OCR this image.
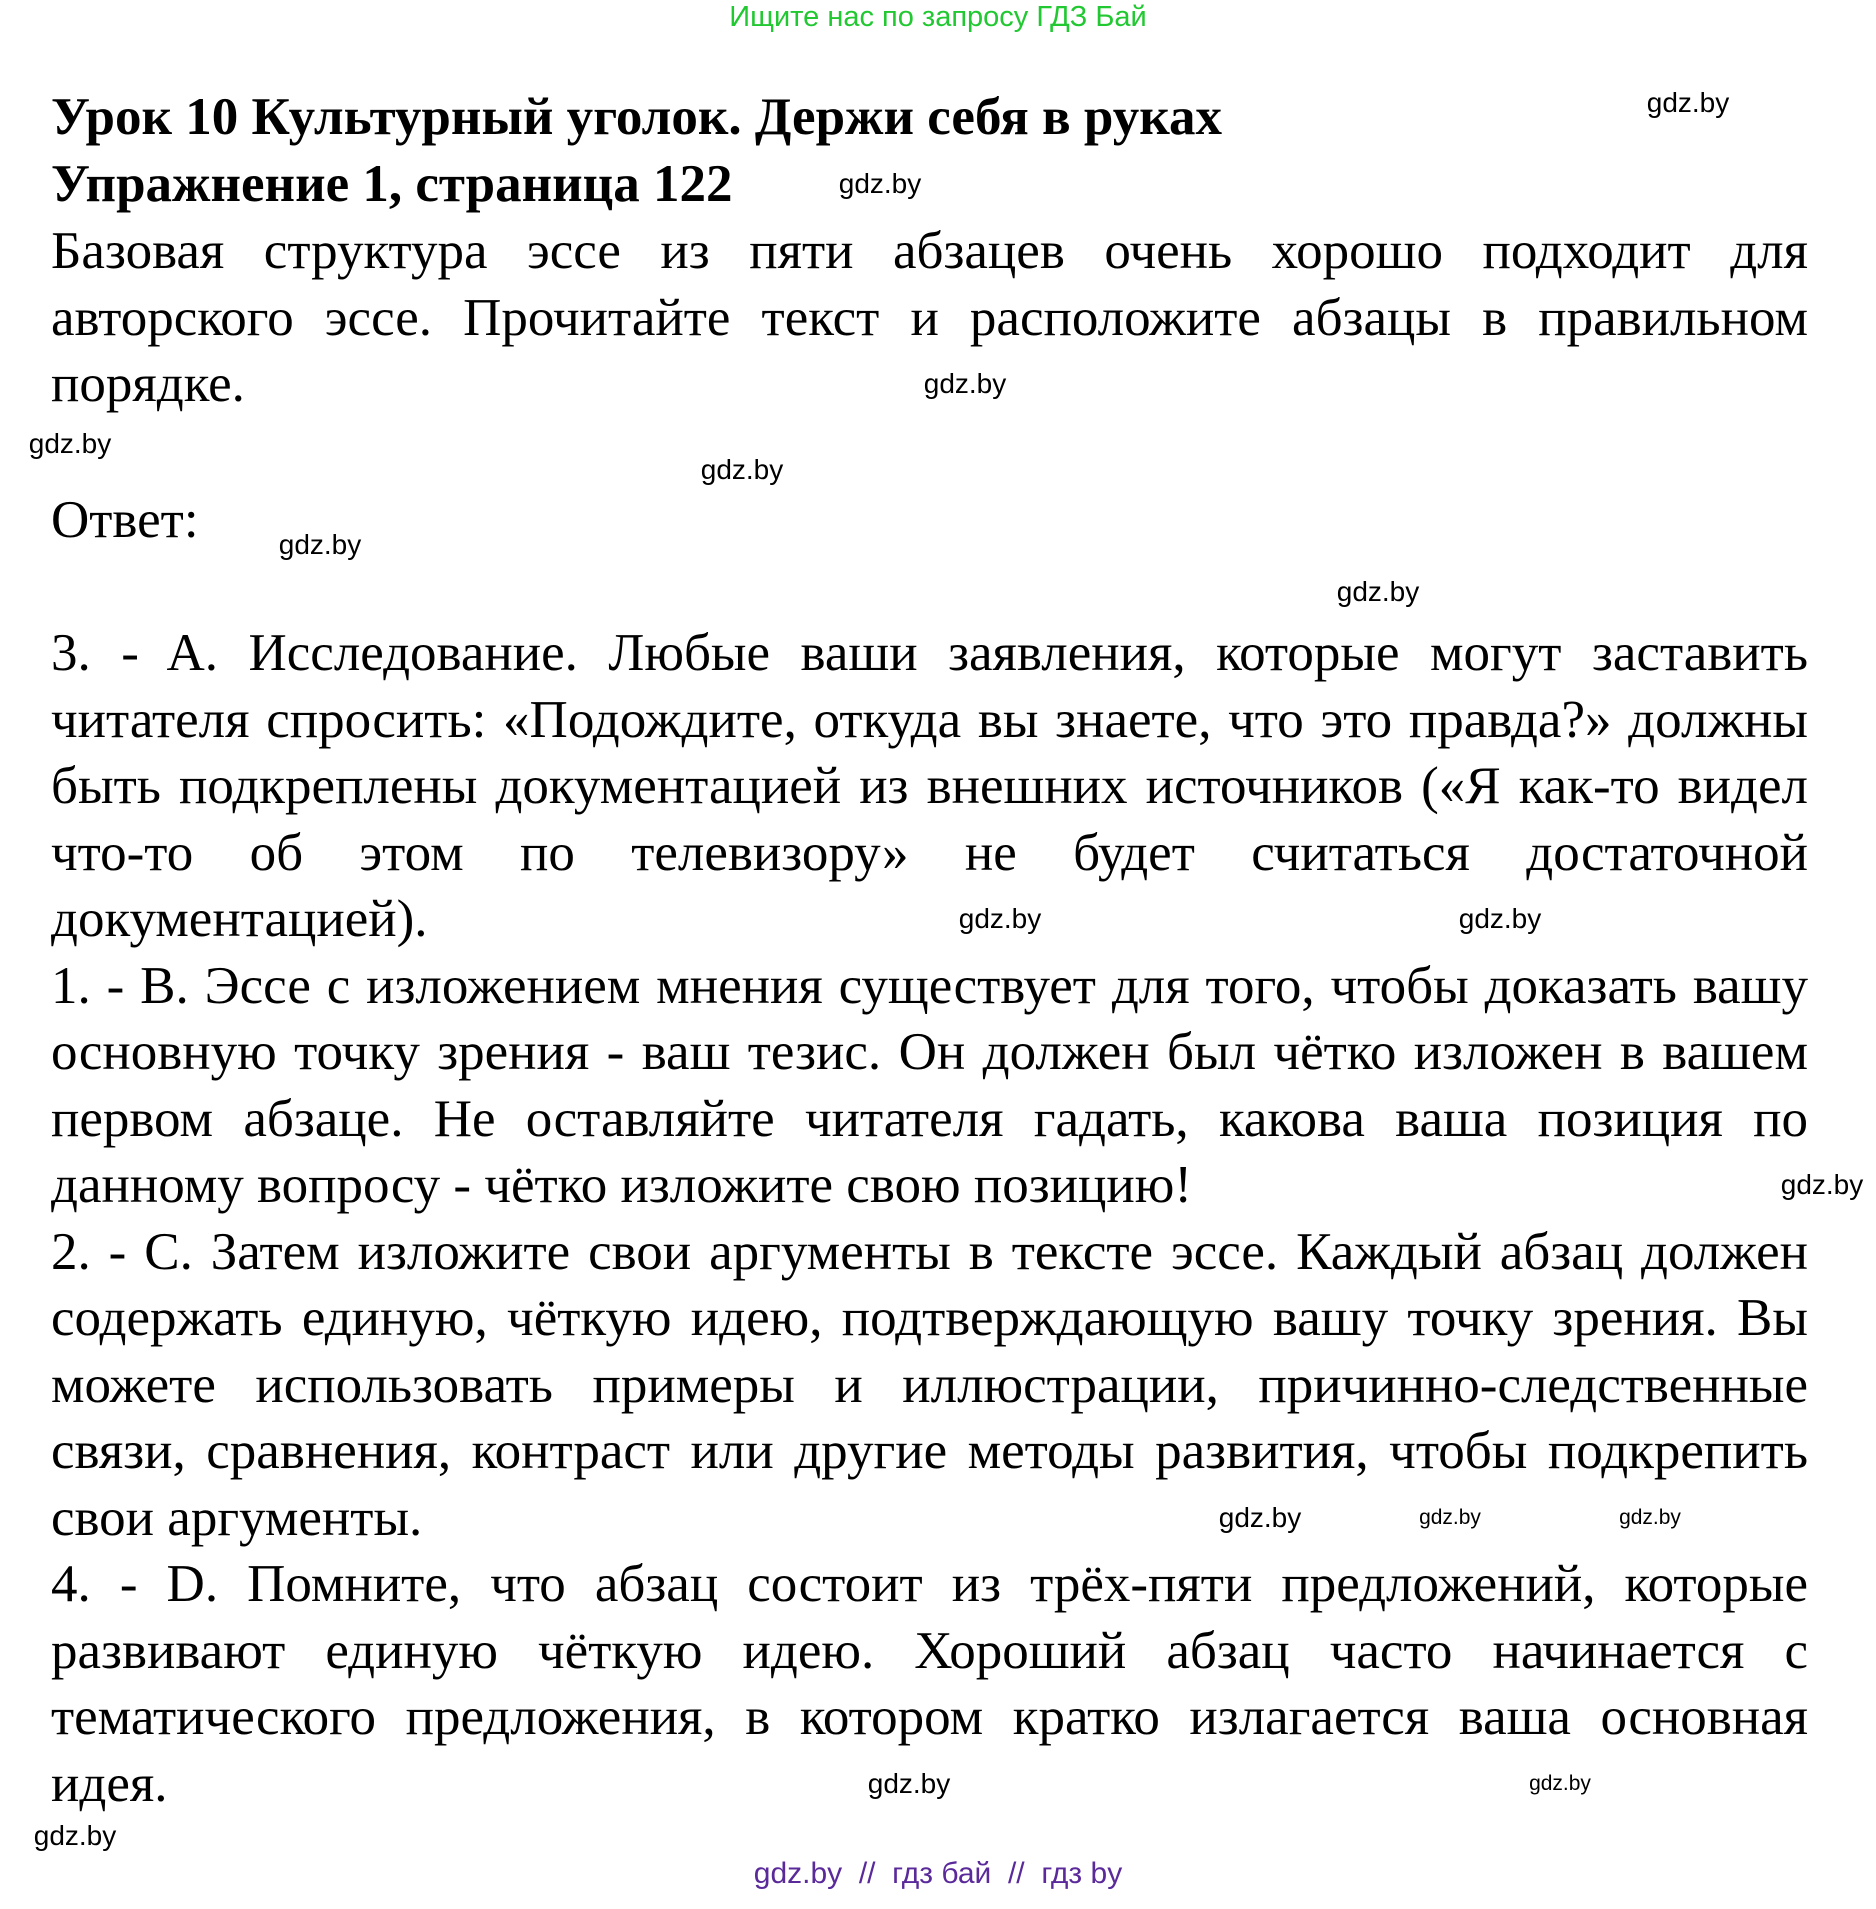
Ищите нас по запросу ГДЗ Бай
Урок 10 Культурный уголок. Держи себя в руках
Упражнение 1, страница 122

Базовая структура эссе из пяти абзацев очень хорошо подходит для авторского эссе. Прочитайте текст и расположите абзацы в правильном порядке.

Ответ:

3. - A. Исследование. Любые ваши заявления, которые могут заставить читателя спросить: «Подождите, откуда вы знаете, что это правда?» должны быть подкреплены документацией из внешних источников («Я как-то видел что-то об этом по телевизору» не будет считаться достаточной документацией).

1. - B. Эссе с изложением мнения существует для того, чтобы доказать вашу основную точку зрения - ваш тезис. Он должен был чётко изложен в вашем первом абзаце. Не оставляйте читателя гадать, какова ваша позиция по данному вопросу - чётко изложите свою позицию!

2. - C. Затем изложите свои аргументы в тексте эссе. Каждый абзац должен содержать единую, чёткую идею, подтверждающую вашу точку зрения. Вы можете использовать примеры и иллюстрации, причинно-следственные связи, сравнения, контраст или другие методы развития, чтобы подкрепить свои аргументы.

4. - D. Помните, что абзац состоит из трёх-пяти предложений, которые развивают единую чёткую идею. Хороший абзац часто начинается с тематического предложения, в котором кратко излагается ваша основная идея.

gdz.by
gdz.by
gdz.by
gdz.by
gdz.by
gdz.by
gdz.by
gdz.by
gdz.by
gdz.by
gdz.by
gdz.by
gdz.by
gdz.by
gdz.by
gdz.by
gdz.by  //  гдз бай  //  гдз by
